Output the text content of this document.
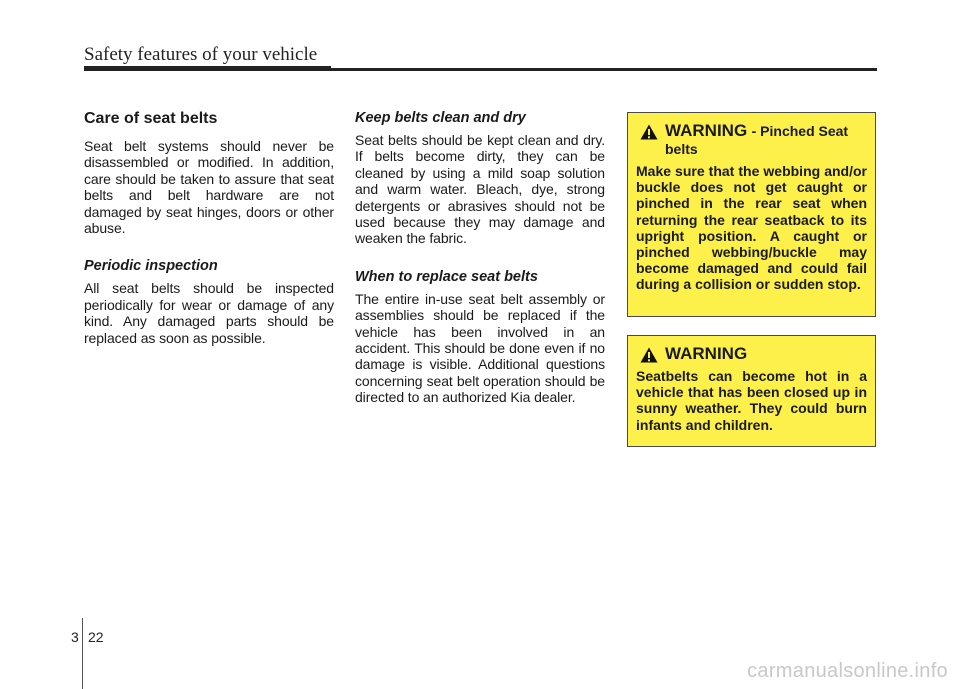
Safety features of your vehicle
Care of seat belts

Seat belt systems should never be disassembled or modified. In addition, care should be taken to assure that seat belts and belt hardware are not damaged by seat hinges, doors or other abuse.

Periodic inspection

All seat belts should be inspected periodically for wear or damage of any kind. Any damaged parts should be replaced as soon as possible.

Keep belts clean and dry

Seat belts should be kept clean and dry. If belts become dirty, they can be cleaned by using a mild soap solution and warm water. Bleach, dye, strong detergents or abrasives should not be used because they may damage and weaken the fabric.

When to replace seat belts

The entire in-use seat belt assembly or assemblies should be replaced if the vehicle has been involved in an accident. This should be done even if no damage is visible. Additional questions concerning seat belt operation should be directed to an authorized Kia dealer.

WARNING - Pinched Seat belts

Make sure that the webbing and/or buckle does not get caught or pinched in the rear seat when returning the rear seatback to its upright position. A caught or pinched webbing/buckle may become damaged and could fail during a collision or sudden stop.

WARNING

Seatbelts can become hot in a vehicle that has been closed up in sunny weather. They could burn infants and children.

3 22
carmanualsonline.info
